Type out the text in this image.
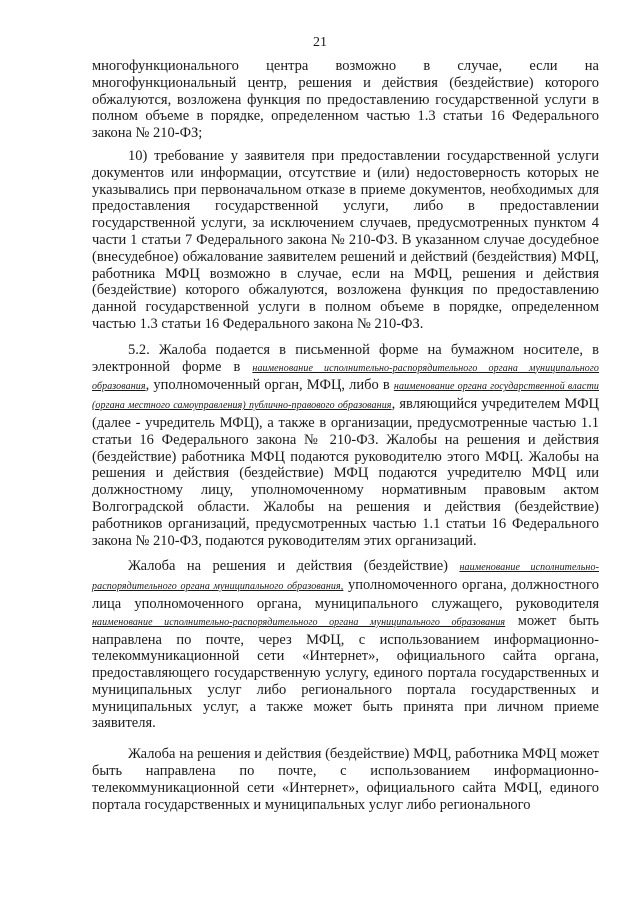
21

многофункционального центра возможно в случае, если на многофункциональный центр, решения и действия (бездействие) которого обжалуются, возложена функция по предоставлению государственной услуги в полном объеме в порядке, определенном частью 1.3 статьи 16 Федерального закона № 210-ФЗ;

10) требование у заявителя при предоставлении государственной услуги документов или информации, отсутствие и (или) недостоверность которых не указывались при первоначальном отказе в приеме документов, необходимых для предоставления государственной услуги, либо в предоставлении государственной услуги, за исключением случаев, предусмотренных пунктом 4 части 1 статьи 7 Федерального закона № 210-ФЗ. В указанном случае досудебное (внесудебное) обжалование заявителем решений и действий (бездействия) МФЦ, работника МФЦ возможно в случае, если на МФЦ, решения и действия (бездействие) которого обжалуются, возложена функция по предоставлению данной государственной услуги в полном объеме в порядке, определенном частью 1.3 статьи 16 Федерального закона № 210-ФЗ.

5.2. Жалоба подается в письменной форме на бумажном носителе, в электронной форме в наименование исполнительно-распорядительного органа муниципального образования, уполномоченный орган, МФЦ, либо в наименование органа государственной власти (органа местного самоуправления) публично-правового образования, являющийся учредителем МФЦ (далее - учредитель МФЦ), а также в организации, предусмотренные частью 1.1 статьи 16 Федерального закона № 210-ФЗ. Жалобы на решения и действия (бездействие) работника МФЦ подаются руководителю этого МФЦ. Жалобы на решения и действия (бездействие) МФЦ подаются учредителю МФЦ или должностному лицу, уполномоченному нормативным правовым актом Волгоградской области. Жалобы на решения и действия (бездействие) работников организаций, предусмотренных частью 1.1 статьи 16 Федерального закона № 210-ФЗ, подаются руководителям этих организаций.

Жалоба на решения и действия (бездействие) наименование исполнительно-распорядительного органа муниципального образования, уполномоченного органа, должностного лица уполномоченного органа, муниципального служащего, руководителя наименование исполнительно-распорядительного органа муниципального образования может быть направлена по почте, через МФЦ, с использованием информационно-телекоммуникационной сети «Интернет», официального сайта органа, предоставляющего государственную услугу, единого портала государственных и муниципальных услуг либо регионального портала государственных и муниципальных услуг, а также может быть принята при личном приеме заявителя.

Жалоба на решения и действия (бездействие) МФЦ, работника МФЦ может быть направлена по почте, с использованием информационно-телекоммуникационной сети «Интернет», официального сайта МФЦ, единого портала государственных и муниципальных услуг либо регионального
